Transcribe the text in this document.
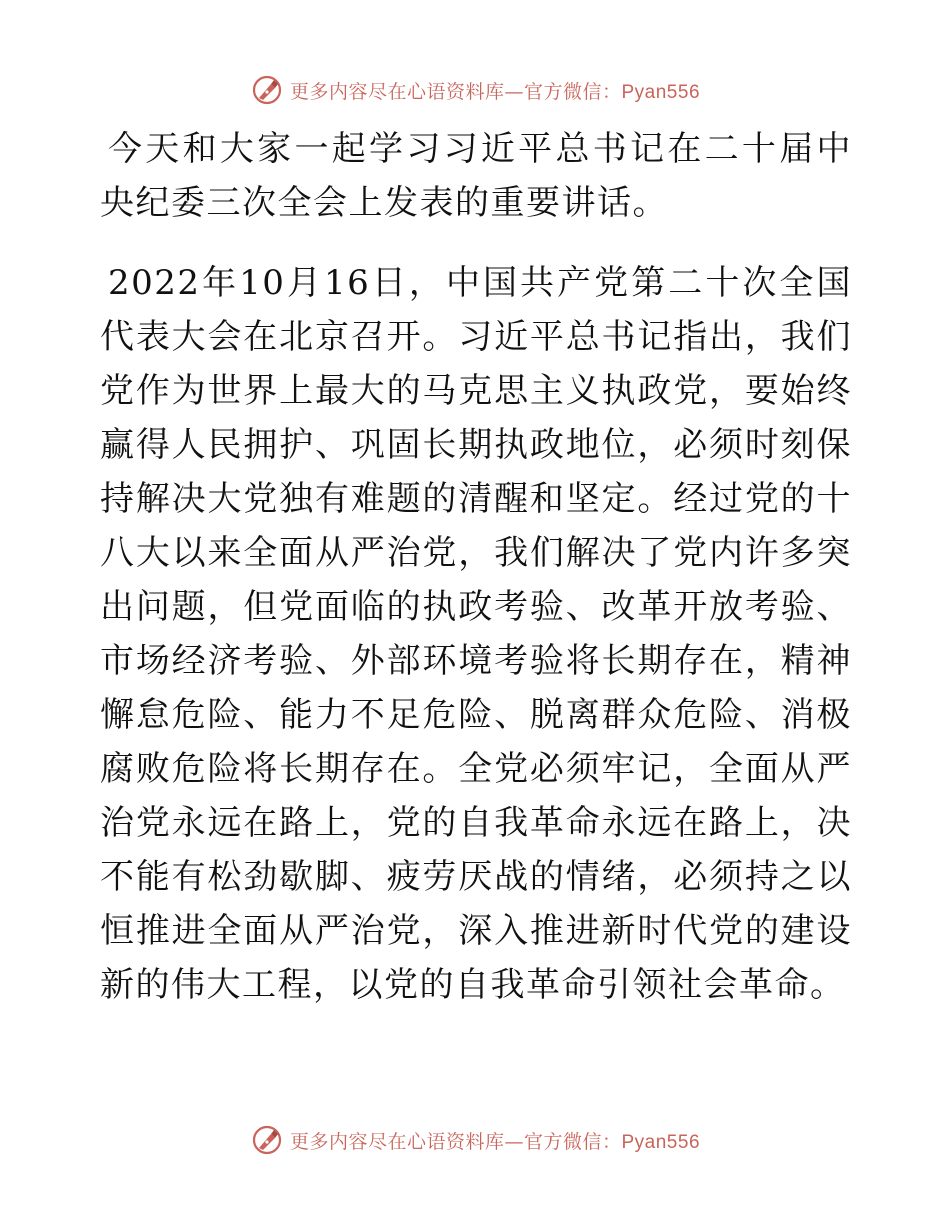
更多内容尽在心语资料库—官方微信：Pyan556

今天和大家一起学习习近平总书记在二十届中央纪委三次全会上发表的重要讲话。

2022年10月16日，中国共产党第二十次全国代表大会在北京召开。习近平总书记指出，我们党作为世界上最大的马克思主义执政党，要始终赢得人民拥护、巩固长期执政地位，必须时刻保持解决大党独有难题的清醒和坚定。经过党的十八大以来全面从严治党，我们解决了党内许多突出问题，但党面临的执政考验、改革开放考验、市场经济考验、外部环境考验将长期存在，精神懈怠危险、能力不足危险、脱离群众危险、消极腐败危险将长期存在。全党必须牢记，全面从严治党永远在路上，党的自我革命永远在路上，决不能有松劲歇脚、疲劳厌战的情绪，必须持之以恒推进全面从严治党，深入推进新时代党的建设新的伟大工程，以党的自我革命引领社会革命。

更多内容尽在心语资料库—官方微信：Pyan556
